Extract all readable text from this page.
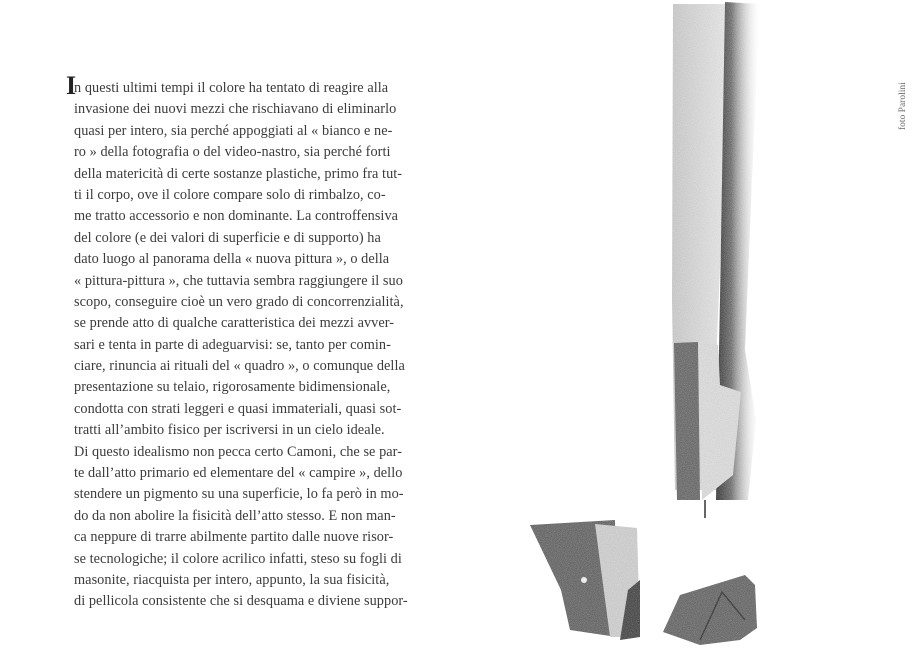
I
n questi ultimi tempi il colore ha tentato di reagire alla
invasione dei nuovi mezzi che rischiavano di eliminarlo
quasi per intero, sia perché appoggiati al « bianco e ne-
ro » della fotografia o del video-nastro, sia perché forti
della matericità di certe sostanze plastiche, primo fra tut-
ti il corpo, ove il colore compare solo di rimbalzo, co-
me tratto accessorio e non dominante. La controffensiva
del colore (e dei valori di superficie e di supporto) ha
dato luogo al panorama della « nuova pittura », o della
« pittura-pittura », che tuttavia sembra raggiungere il suo
scopo, conseguire cioè un vero grado di concorrenzialità,
se prende atto di qualche caratteristica dei mezzi avver-
sari e tenta in parte di adeguarvisi: se, tanto per comin-
ciare, rinuncia ai rituali del « quadro », o comunque della
presentazione su telaio, rigorosamente bidimensionale,
condotta con strati leggeri e quasi immateriali, quasi sot-
tratti all’ambito fisico per iscriversi in un cielo ideale.
Di questo idealismo non pecca certo Camoni, che se par-
te dall’atto primario ed elementare del « campire », dello
stendere un pigmento su una superficie, lo fa però in mo-
do da non abolire la fisicità dell’atto stesso. E non man-
ca neppure di trarre abilmente partito dalle nuove risor-
se tecnologiche; il colore acrilico infatti, steso su fogli di
masonite, riacquista per intero, appunto, la sua fisicità,
di pellicola consistente che si desquama e diviene suppor-
foto Parolini
